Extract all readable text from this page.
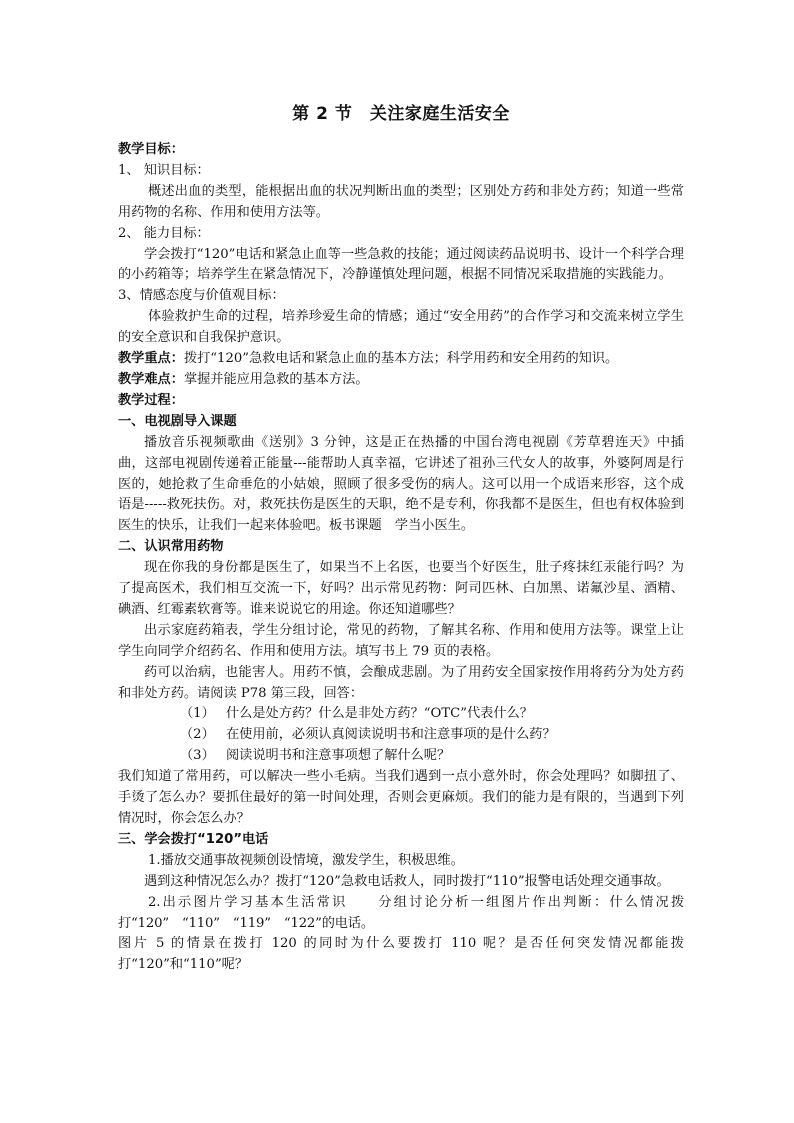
第 2 节　关注家庭生活安全

教学目标：

1、 知识目标：

概述出血的类型，能根据出血的状况判断出血的类型；区别处方药和非处方药；知道一些常用药物的名称、作用和使用方法等。

2、 能力目标：

学会拨打“120”电话和紧急止血等一些急救的技能；通过阅读药品说明书、设计一个科学合理的小药箱等；培养学生在紧急情况下，冷静谨慎处理问题，根据不同情况采取措施的实践能力。

3、情感态度与价值观目标：

体验救护生命的过程，培养珍爱生命的情感；通过“安全用药”的合作学习和交流来树立学生的安全意识和自我保护意识。

教学重点：拨打“120”急救电话和紧急止血的基本方法；科学用药和安全用药的知识。

教学难点：掌握并能应用急救的基本方法。

教学过程：

一、电视剧导入课题

播放音乐视频歌曲《送别》3 分钟，这是正在热播的中国台湾电视剧《芳草碧连天》中插曲，这部电视剧传递着正能量---能帮助人真幸福，它讲述了祖孙三代女人的故事，外婆阿周是行医的，她抢救了生命垂危的小姑娘，照顾了很多受伤的病人。这可以用一个成语来形容，这个成语是-----救死扶伤。对，救死扶伤是医生的天职，绝不是专利，你我都不是医生，但也有权体验到医生的快乐，让我们一起来体验吧。板书课题　学当小医生。

二、认识常用药物

现在你我的身份都是医生了，如果当不上名医，也要当个好医生，肚子疼抹红汞能行吗？为了提高医术，我们相互交流一下，好吗？出示常见药物：阿司匹林、白加黑、诺氟沙星、酒精、碘酒、红霉素软膏等。谁来说说它的用途。你还知道哪些？

出示家庭药箱表，学生分组讨论，常见的药物，了解其名称、作用和使用方法等。课堂上让学生向同学介绍药名、作用和使用方法。填写书上 79 页的表格。

药可以治病，也能害人。用药不慎，会酿成悲剧。为了用药安全国家按作用将药分为处方药和非处方药。请阅读 P78 第三段，回答：

（1） 什么是处方药？什么是非处方药？“OTC”代表什么？

（2） 在使用前，必须认真阅读说明书和注意事项的是什么药？

（3） 阅读说明书和注意事项想了解什么呢？

我们知道了常用药，可以解决一些小毛病。当我们遇到一点小意外时，你会处理吗？如脚扭了、手烫了怎么办？要抓住最好的第一时间处理，否则会更麻烦。我们的能力是有限的，当遇到下列情况时，你会怎么办？

三、学会拨打“120”电话

1.播放交通事故视频创设情境，激发学生，积极思维。

遇到这种情况怎么办？拨打“120”急救电话救人，同时拨打“110”报警电话处理交通事故。

2.出示图片学习基本生活常识　　分组讨论分析一组图片作出判断：什么情况拨打“120”　“110”　“119”　“122”的电话。

图片 5 的情景在拨打 120 的同时为什么要拨打 110 呢？是否任何突发情况都能拨打“120”和“110”呢？
